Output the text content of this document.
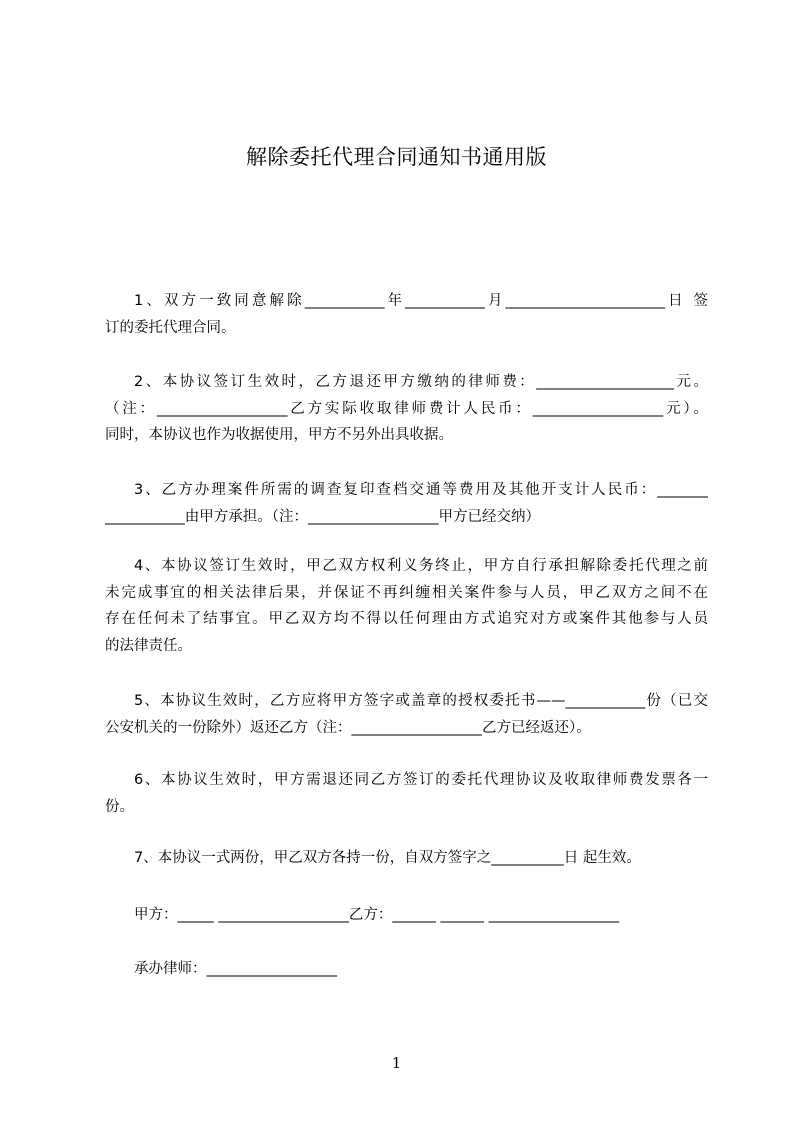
解除委托代理合同通知书通用版
1、双方一致同意解除___________年___________月______________________日 签
订的委托代理合同。
2、本协议签订生效时，乙方退还甲方缴纳的律师费：___________________元。
（注：__________________乙方实际收取律师费计人民币：__________________元）。
同时，本协议也作为收据使用，甲方不另外出具收据。
3、乙方办理案件所需的调查复印查档交通等费用及其他开支计人民币：_______
___________由甲方承担。（注：__________________甲方已经交纳）
4、本协议签订生效时，甲乙双方权利义务终止，甲方自行承担解除委托代理之前
未完成事宜的相关法律后果，并保证不再纠缠相关案件参与人员，甲乙双方之间不在
存在任何未了结事宜。甲乙双方均不得以任何理由方式追究对方或案件其他参与人员
的法律责任。
5、本协议生效时，乙方应将甲方签字或盖章的授权委托书——___________份（已交
公安机关的一份除外）返还乙方（注：__________________乙方已经返还）。
6、本协议生效时，甲方需退还同乙方签订的委托代理协议及收取律师费发票各一
份。
7、本协议一式两份，甲乙双方各持一份，自双方签字之__________日 起生效。
甲方：_____ __________________乙方：______ ______ __________________
承办律师：__________________
1
